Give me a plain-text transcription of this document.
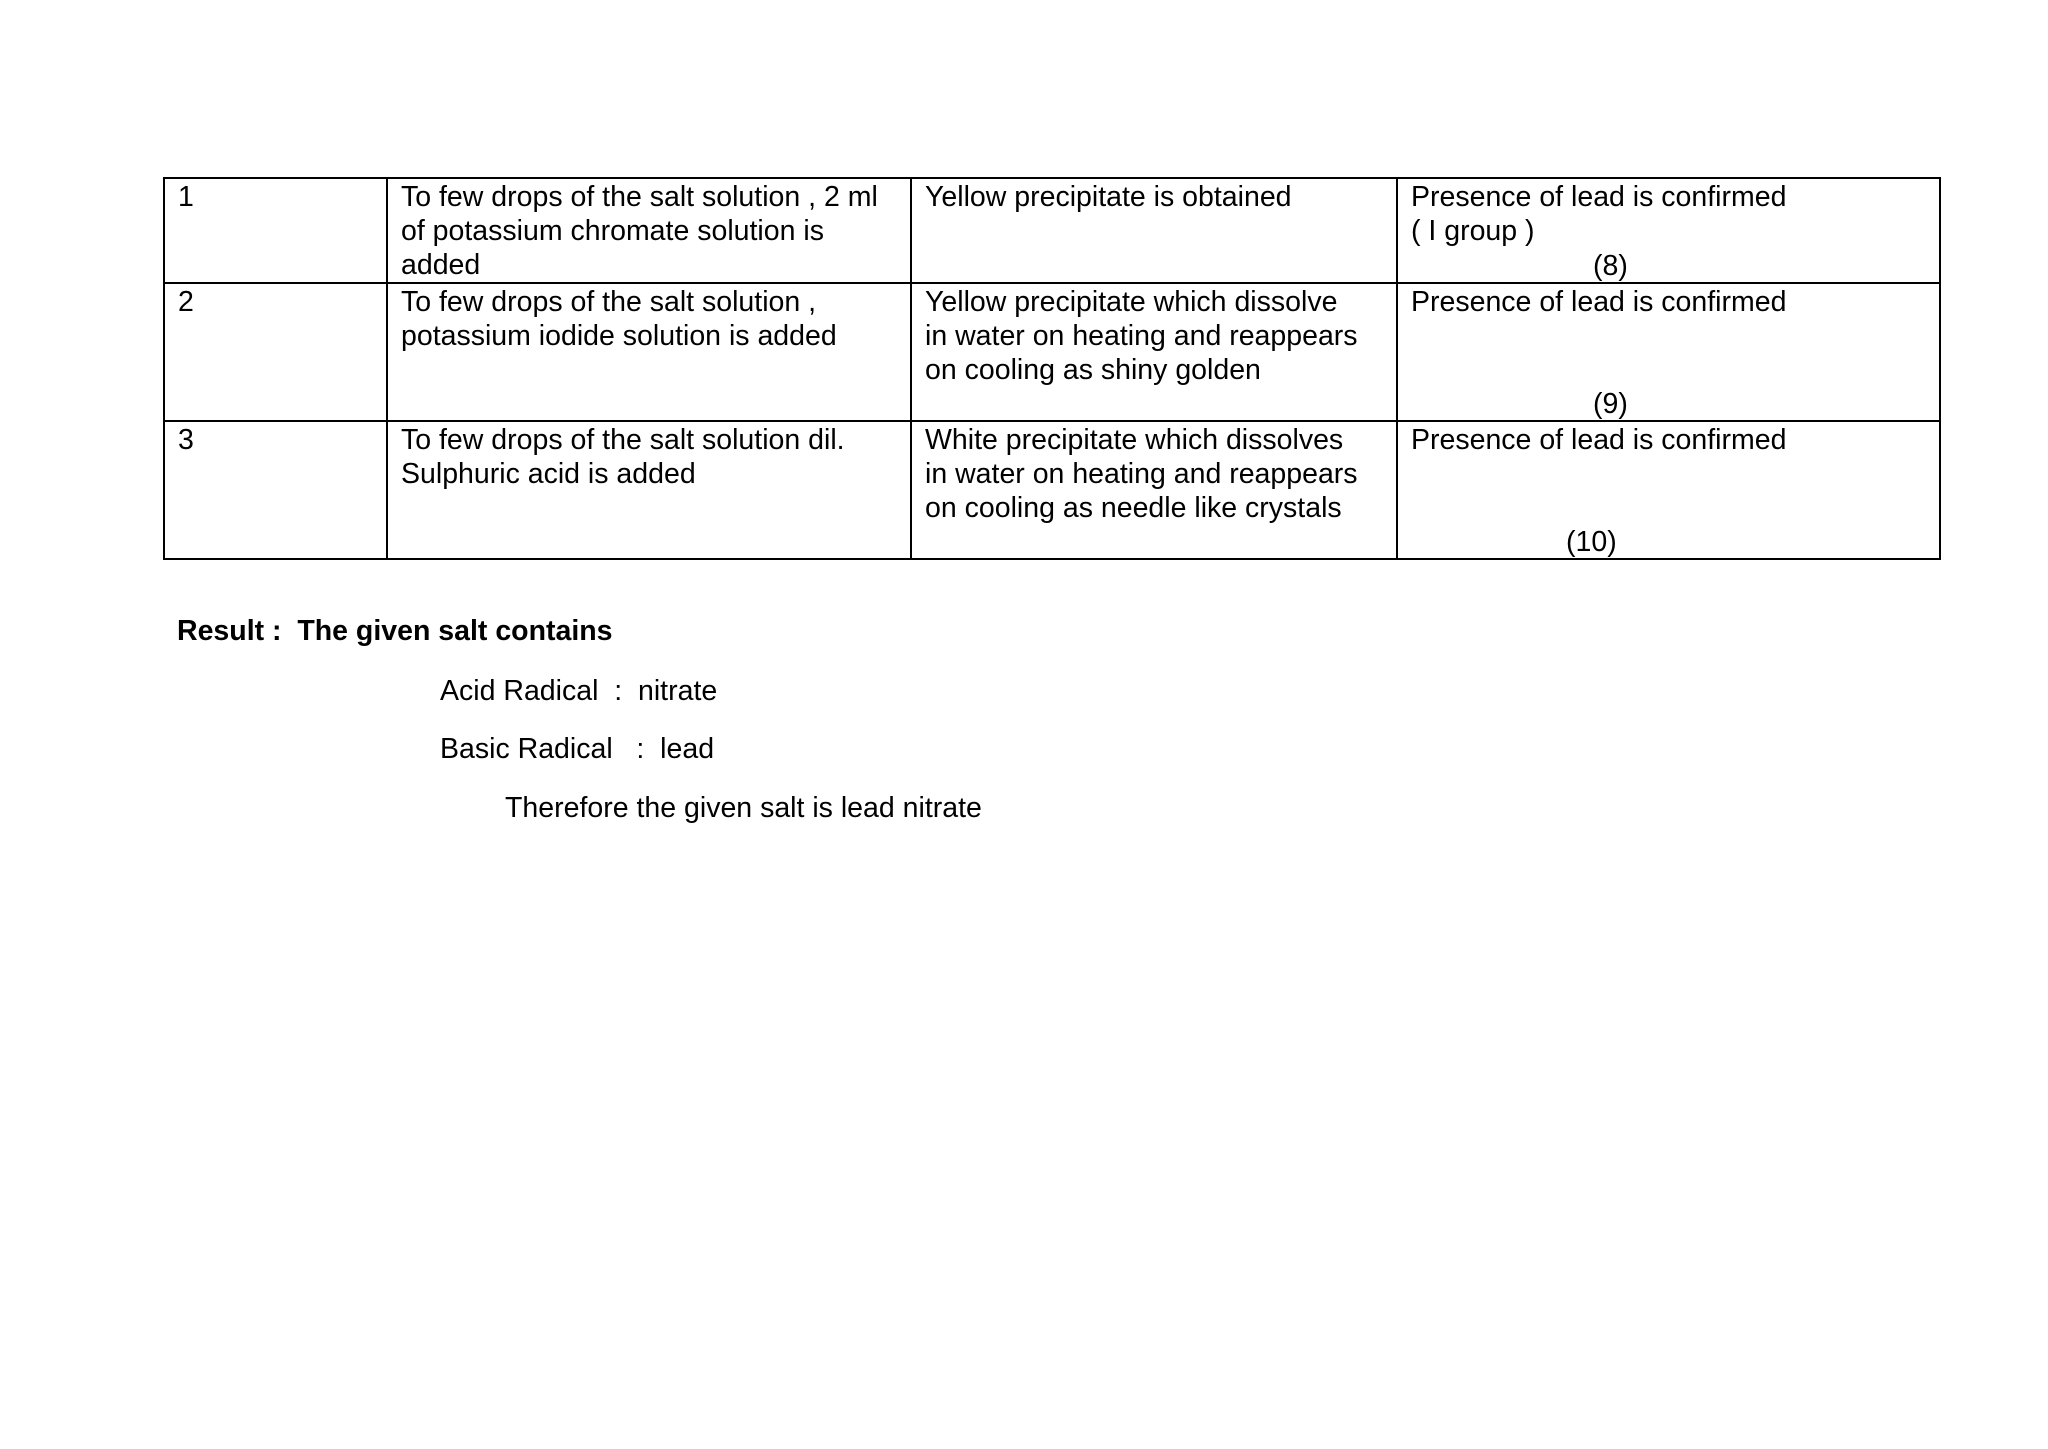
1	To few drops of the salt solution , 2 ml
of potassium chromate solution is
added	Yellow precipitate is obtained	Presence of lead is confirmed
( I group )
(8)

2	To few drops of the salt solution ,
potassium iodide solution is added	Yellow precipitate which dissolve
in water on heating and reappears
on cooling as shiny golden	Presence of lead is confirmed
(9)

3	To few drops of the salt solution dil.
Sulphuric acid is added	White precipitate which dissolves
in water on heating and reappears
on cooling as needle like crystals	Presence of lead is confirmed
(10)
Result :  The given salt contains
Acid Radical  :  nitrate
Basic Radical   :  lead
Therefore the given salt is lead nitrate
